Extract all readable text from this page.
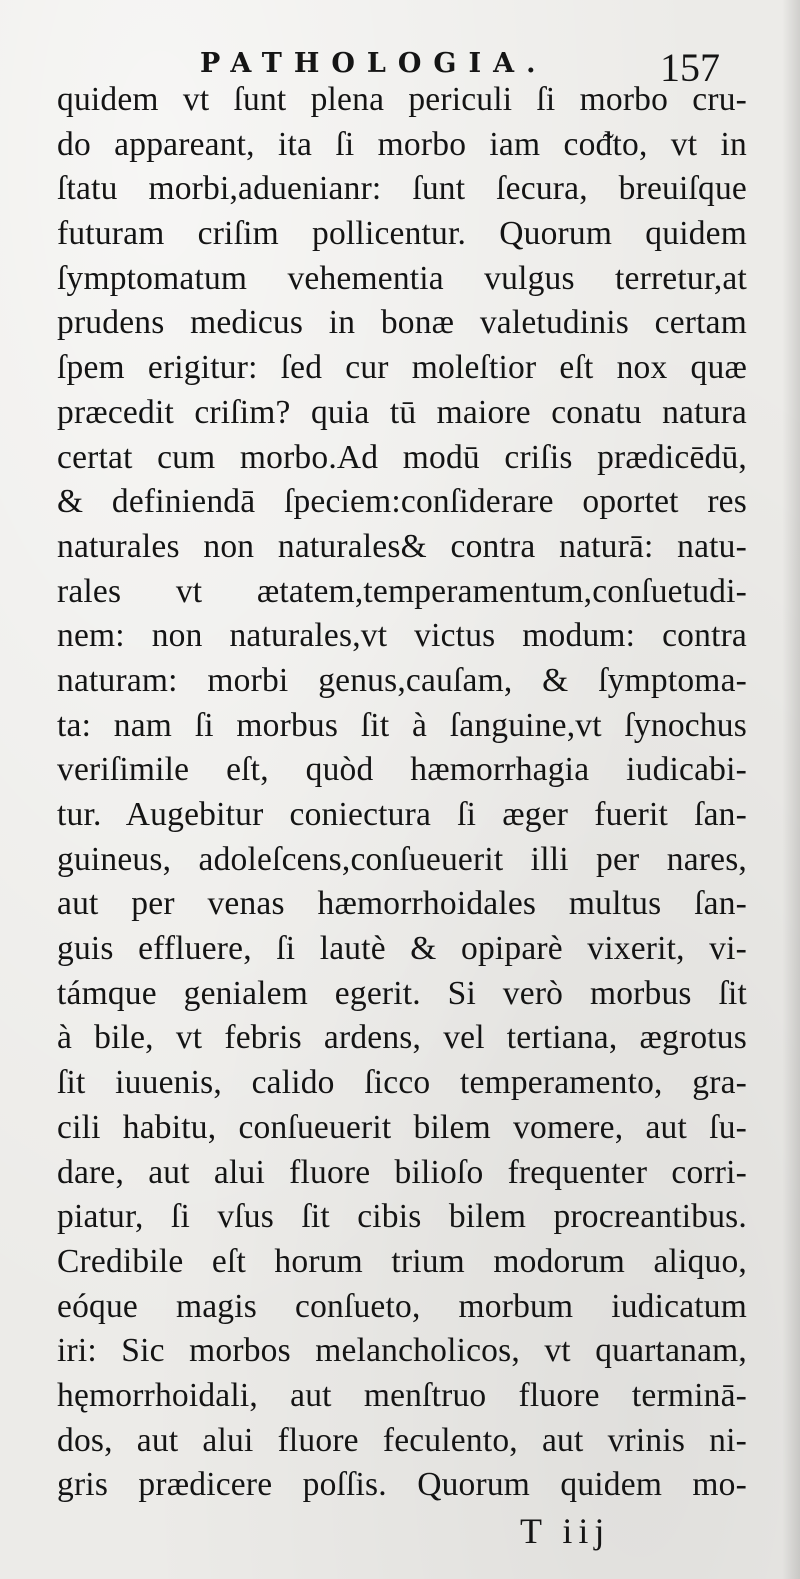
PATHOLOGIA.	157
quidem vt ſunt plena periculi ſi morbo cru-
do appareant, ita ſi morbo iam coᵭto, vt in
ſtatu morbi,aduenianr: ſunt ſecura, breuiſque
futuram criſim pollicentur. Quorum quidem
ſymptomatum vehementia vulgus terretur,at
prudens medicus in bonæ valetudinis certam
ſpem erigitur: ſed cur moleſtior eſt nox quæ
præcedit criſim? quia tū maiore conatu natura
certat cum morbo.Ad modū criſis prædicēdū,
& definiendā ſpeciem:conſiderare oportet res
naturales non naturales& contra naturā: natu-
rales vt ætatem,temperamentum,conſuetudi-
nem: non naturales,vt victus modum: contra
naturam: morbi genus,cauſam, & ſymptoma-
ta: nam ſi morbus ſit à ſanguine,vt ſynochus
veriſimile eſt, quòd hæmorrhagia iudicabi-
tur. Augebitur coniectura ſi æger fuerit ſan-
guineus, adoleſcens,conſueuerit illi per nares,
aut per venas hæmorrhoidales multus ſan-
guis effluere, ſi lautè & opiparè vixerit, vi-
támque genialem egerit. Si verò morbus ſit
à bile, vt febris ardens, vel tertiana, ægrotus
ſit iuuenis, calido ſicco temperamento, gra-
cili habitu, conſueuerit bilem vomere, aut ſu-
dare, aut alui fluore bilioſo frequenter corri-
piatur, ſi vſus ſit cibis bilem procreantibus.
Credibile eſt horum trium modorum aliquo,
eóque magis conſueto, morbum iudicatum
iri: Sic morbos melancholicos, vt quartanam,
hęmorrhoidali, aut menſtruo fluore terminā-
dos, aut alui fluore feculento, aut vrinis ni-
gris prædicere poſſis. Quorum quidem mo-
T iij
